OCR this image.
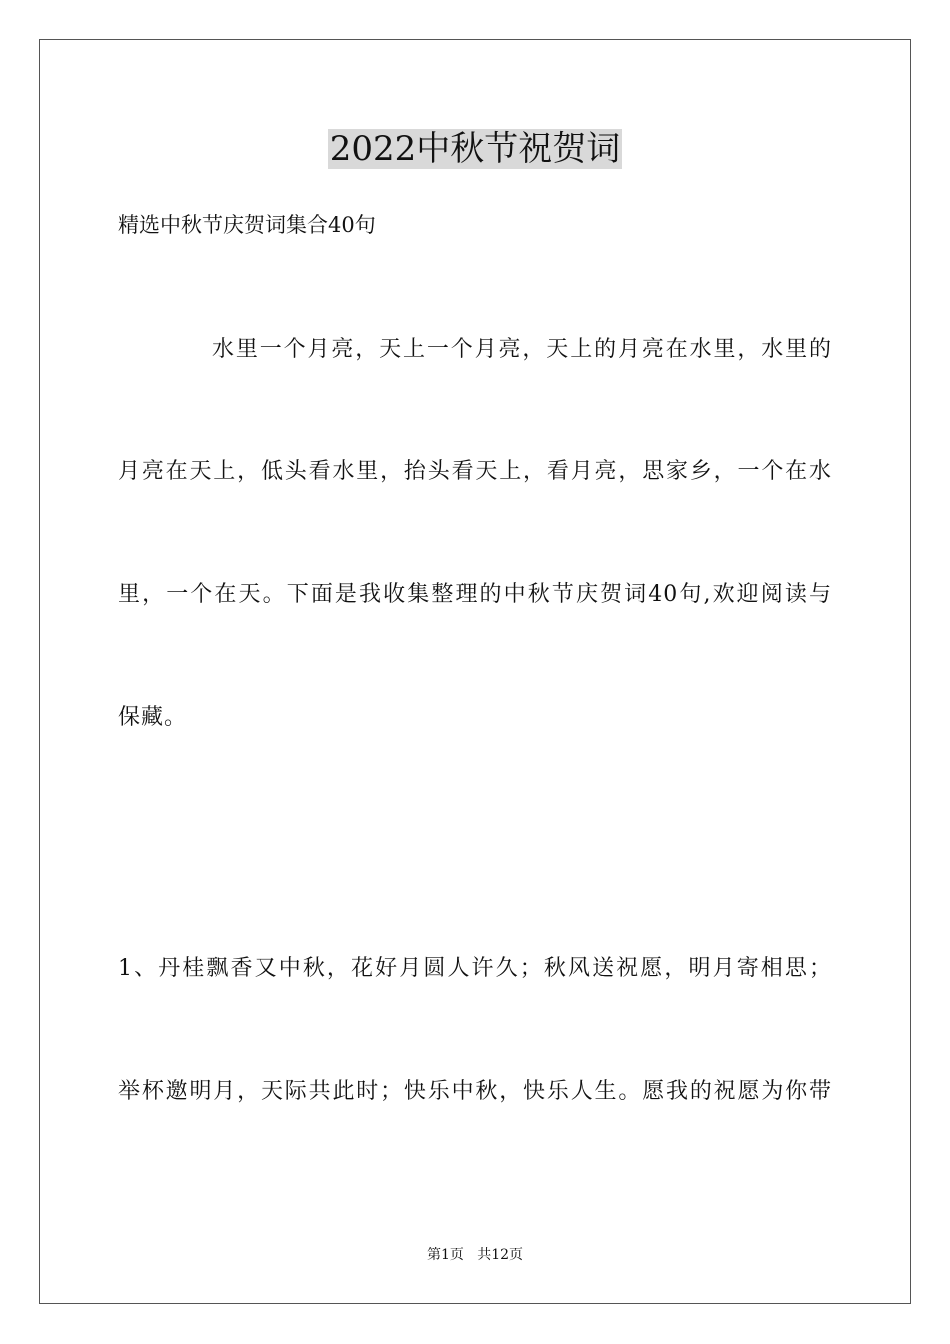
2022中秋节祝贺词
精选中秋节庆贺词集合40句
水里一个月亮，天上一个月亮，天上的月亮在水里，水里的
月亮在天上，低头看水里，抬头看天上，看月亮，思家乡，一个在水
里，一个在天。下面是我收集整理的中秋节庆贺词40句,欢迎阅读与
保藏。
1、丹桂飘香又中秋，花好月圆人许久；秋风送祝愿，明月寄相思；
举杯邀明月，天际共此时；快乐中秋，快乐人生。愿我的祝愿为你带
第1页   共12页
